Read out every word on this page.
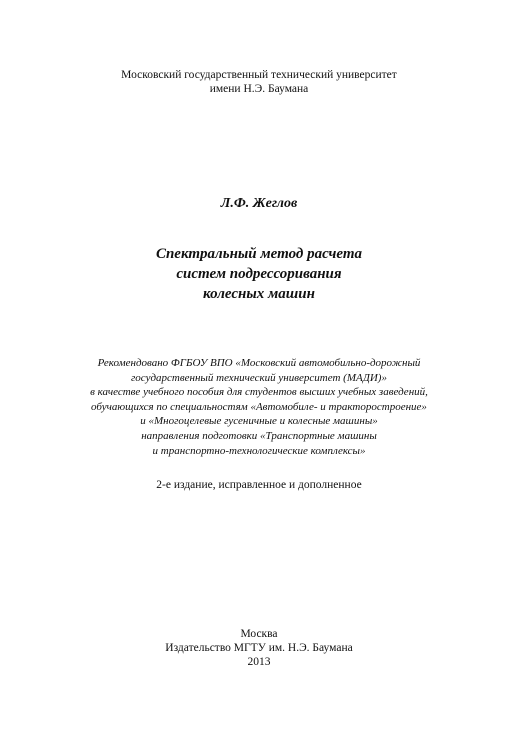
Московский государственный технический университет
имени Н.Э. Баумана
Л.Ф. Жеглов
Спектральный метод расчета
систем подрессоривания
колесных машин
Рекомендовано ФГБОУ ВПО «Московский автомобильно-дорожный
государственный технический университет (МАДИ)»
в качестве учебного пособия для студентов высших учебных заведений,
обучающихся по специальностям «Автомобиле- и тракторостроение»
и «Многоцелевые гусеничные и колесные машины»
направления подготовки «Транспортные машины
и транспортно-технологические комплексы»
2-е издание, исправленное и дополненное
Москва
Издательство МГТУ им. Н.Э. Баумана
2013
